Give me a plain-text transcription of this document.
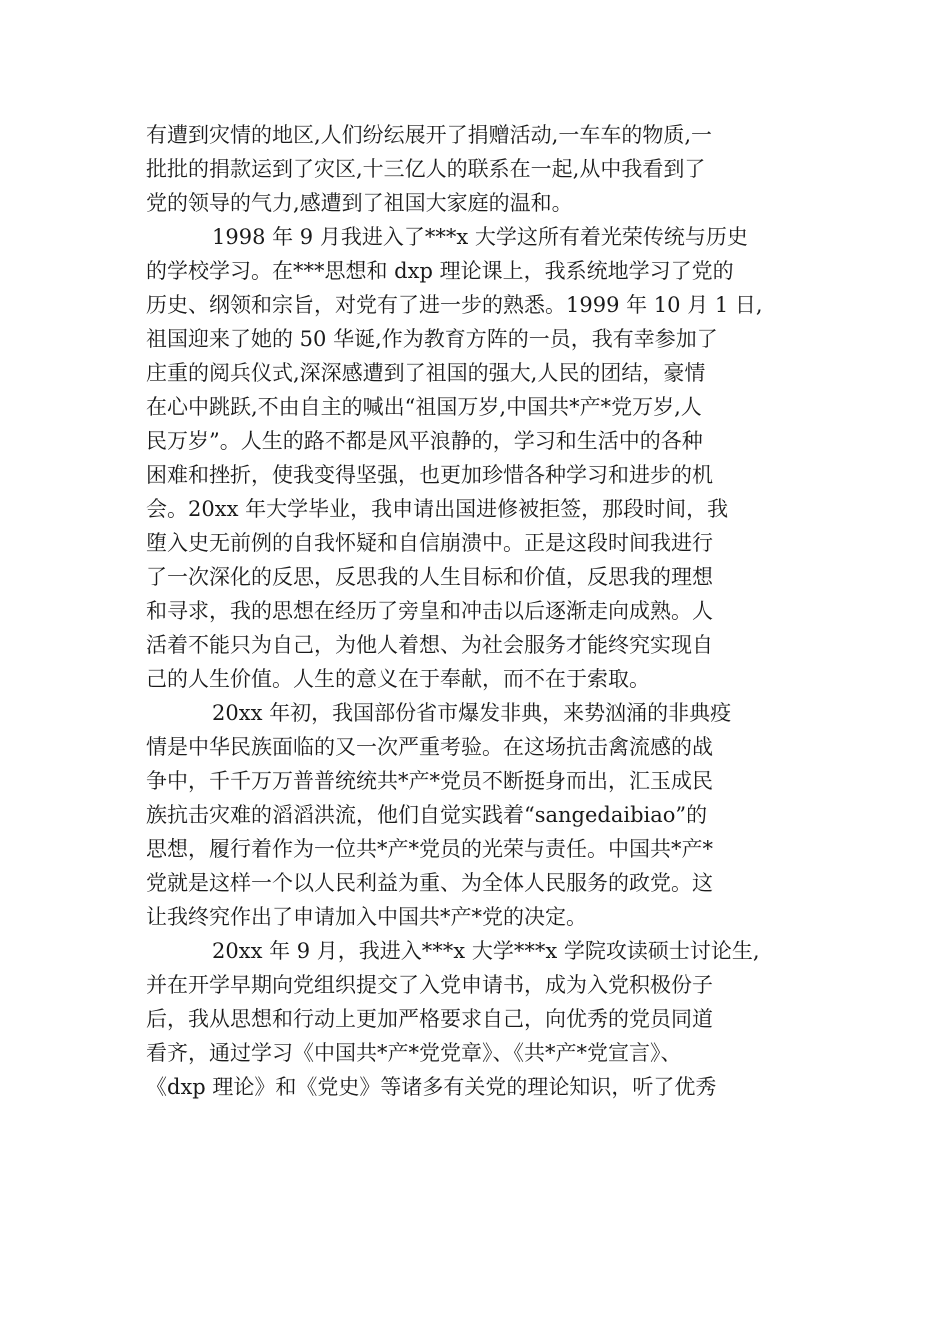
有遭到灾情的地区,人们纷纭展开了捐赠活动,一车车的物质,一
批批的捐款运到了灾区,十三亿人的联系在一起,从中我看到了
党的领导的气力,感遭到了祖国大家庭的温和。
1998 年 9 月我进入了***x 大学这所有着光荣传统与历史
的学校学习。在***思想和 dxp 理论课上，我系统地学习了党的
历史、纲领和宗旨，对党有了进一步的熟悉。1999 年 10 月 1 日,
祖国迎来了她的 50 华诞,作为教育方阵的一员，我有幸参加了
庄重的阅兵仪式,深深感遭到了祖国的强大,人民的团结，豪情
在心中跳跃,不由自主的喊出“祖国万岁,中国共*产*党万岁,人
民万岁”。人生的路不都是风平浪静的，学习和生活中的各种
困难和挫折，使我变得坚强，也更加珍惜各种学习和进步的机
会。20xx 年大学毕业，我申请出国进修被拒签，那段时间，我
堕入史无前例的自我怀疑和自信崩溃中。正是这段时间我进行
了一次深化的反思，反思我的人生目标和价值，反思我的理想
和寻求，我的思想在经历了旁皇和冲击以后逐渐走向成熟。人
活着不能只为自己，为他人着想、为社会服务才能终究实现自
己的人生价值。人生的意义在于奉献，而不在于索取。
20xx 年初，我国部份省市爆发非典，来势汹涌的非典疫
情是中华民族面临的又一次严重考验。在这场抗击禽流感的战
争中，千千万万普普统统共*产*党员不断挺身而出，汇玉成民
族抗击灾难的滔滔洪流，他们自觉实践着“sangedaibiao”的
思想，履行着作为一位共*产*党员的光荣与责任。中国共*产*
党就是这样一个以人民利益为重、为全体人民服务的政党。这
让我终究作出了申请加入中国共*产*党的决定。
20xx 年 9 月，我进入***x 大学***x 学院攻读硕士讨论生,
并在开学早期向党组织提交了入党申请书，成为入党积极份子
后，我从思想和行动上更加严格要求自己，向优秀的党员同道
看齐，通过学习《中国共*产*党党章》、《共*产*党宣言》、
《dxp 理论》和《党史》等诸多有关党的理论知识，听了优秀
